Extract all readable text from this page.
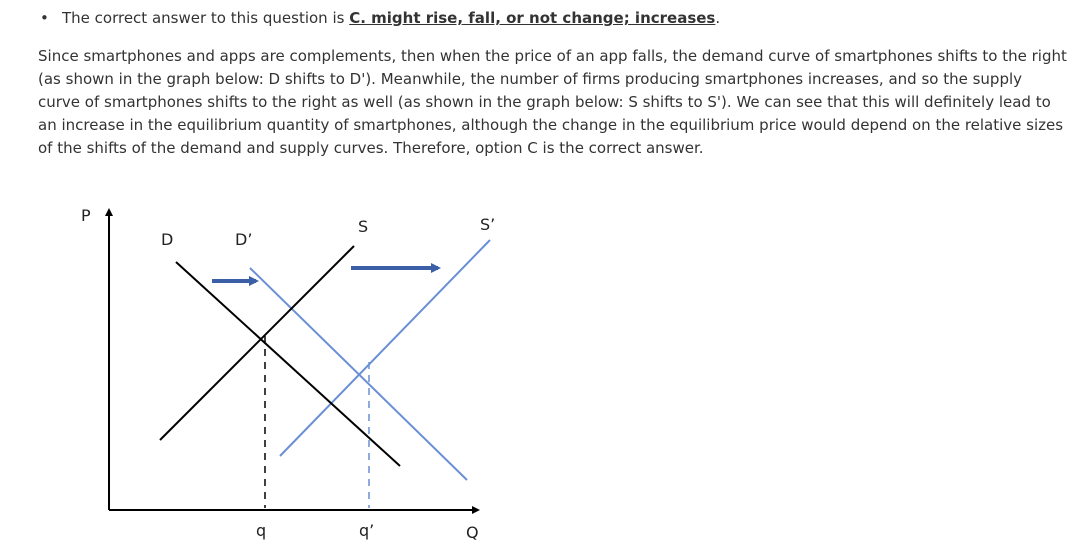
• The correct answer to this question is C. might rise, fall, or not change; increases.

Since smartphones and apps are complements, then when the price of an app falls, the demand curve of smartphones shifts to the right (as shown in the graph below: D shifts to D'). Meanwhile, the number of firms producing smartphones increases, and so the supply curve of smartphones shifts to the right as well (as shown in the graph below: S shifts to S'). We can see that this will definitely lead to an increase in the equilibrium quantity of smartphones, although the change in the equilibrium price would depend on the relative sizes of the shifts of the demand and supply curves. Therefore, option C is the correct answer.

P
Q
D	D’
S	S’
q	q’
